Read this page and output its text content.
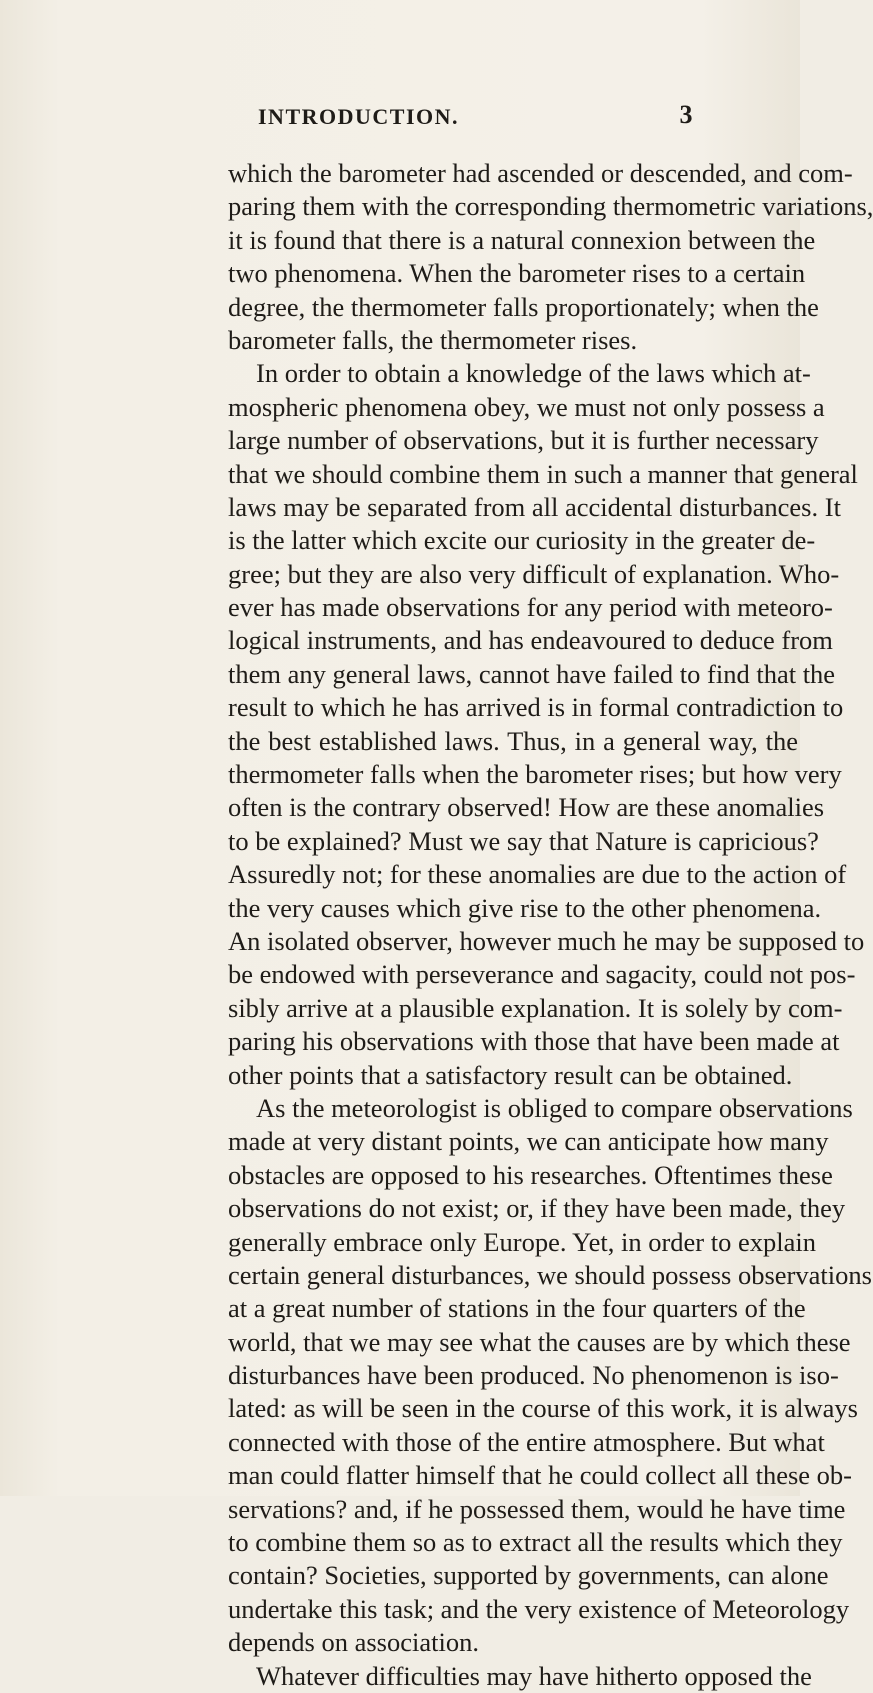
INTRODUCTION.	3
which the barometer had ascended or descended, and com-
paring them with the corresponding thermometric variations,
it is found that there is a natural connexion between the
two phenomena. When the barometer rises to a certain
degree, the thermometer falls proportionately; when the
barometer falls, the thermometer rises.
In order to obtain a knowledge of the laws which at-
mospheric phenomena obey, we must not only possess a
large number of observations, but it is further necessary
that we should combine them in such a manner that general
laws may be separated from all accidental disturbances. It
is the latter which excite our curiosity in the greater de-
gree; but they are also very difficult of explanation. Who-
ever has made observations for any period with meteoro-
logical instruments, and has endeavoured to deduce from
them any general laws, cannot have failed to find that the
result to which he has arrived is in formal contradiction to
the best established laws. Thus, in a general way, the
thermometer falls when the barometer rises; but how very
often is the contrary observed! How are these anomalies
to be explained? Must we say that Nature is capricious?
Assuredly not; for these anomalies are due to the action of
the very causes which give rise to the other phenomena.
An isolated observer, however much he may be supposed to
be endowed with perseverance and sagacity, could not pos-
sibly arrive at a plausible explanation. It is solely by com-
paring his observations with those that have been made at
other points that a satisfactory result can be obtained.
As the meteorologist is obliged to compare observations
made at very distant points, we can anticipate how many
obstacles are opposed to his researches. Oftentimes these
observations do not exist; or, if they have been made, they
generally embrace only Europe. Yet, in order to explain
certain general disturbances, we should possess observations
at a great number of stations in the four quarters of the
world, that we may see what the causes are by which these
disturbances have been produced. No phenomenon is iso-
lated: as will be seen in the course of this work, it is always
connected with those of the entire atmosphere. But what
man could flatter himself that he could collect all these ob-
servations? and, if he possessed them, would he have time
to combine them so as to extract all the results which they
contain? Societies, supported by governments, can alone
undertake this task; and the very existence of Meteorology
depends on association.
Whatever difficulties may have hitherto opposed the
